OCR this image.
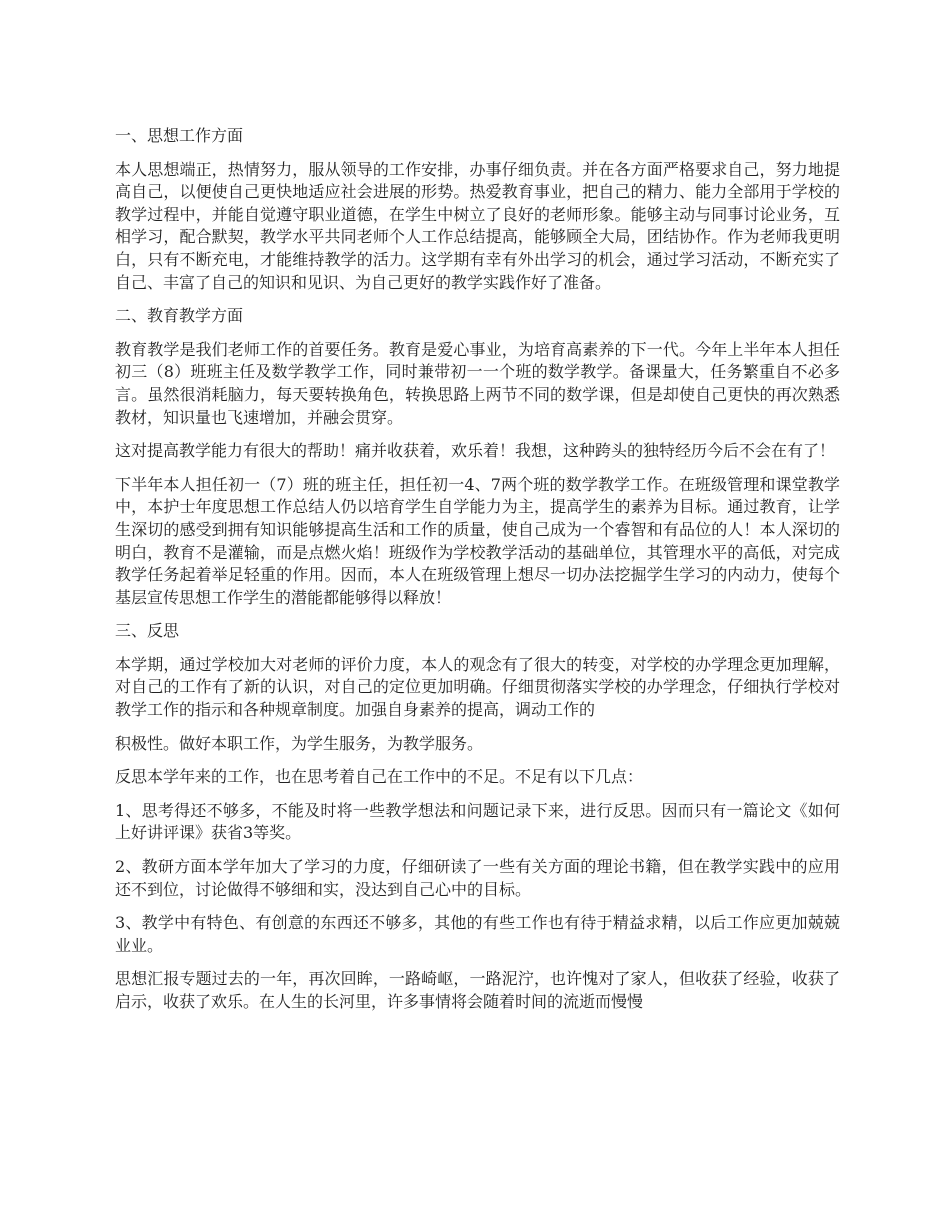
一、思想工作方面

本人思想端正，热情努力，服从领导的工作安排，办事仔细负责。并在各方面严格要求自己，努力地提高自己，以便使自己更快地适应社会进展的形势。热爱教育事业，把自己的精力、能力全部用于学校的教学过程中，并能自觉遵守职业道德，在学生中树立了良好的老师形象。能够主动与同事讨论业务，互相学习，配合默契，教学水平共同老师个人工作总结提高，能够顾全大局，团结协作。作为老师我更明白，只有不断充电，才能维持教学的活力。这学期有幸有外出学习的机会，通过学习活动，不断充实了自己、丰富了自己的知识和见识、为自己更好的教学实践作好了准备。

二、教育教学方面

教育教学是我们老师工作的首要任务。教育是爱心事业，为培育高素养的下一代。今年上半年本人担任初三（8）班班主任及数学教学工作，同时兼带初一一个班的数学教学。备课量大，任务繁重自不必多言。虽然很消耗脑力，每天要转换角色，转换思路上两节不同的数学课，但是却使自己更快的再次熟悉教材，知识量也飞速增加，并融会贯穿。

这对提高教学能力有很大的帮助！痛并收获着，欢乐着！我想，这种跨头的独特经历今后不会在有了！

下半年本人担任初一（7）班的班主任，担任初一4、7两个班的数学教学工作。在班级管理和课堂教学中，本护士年度思想工作总结人仍以培育学生自学能力为主，提高学生的素养为目标。通过教育，让学生深切的感受到拥有知识能够提高生活和工作的质量，使自己成为一个睿智和有品位的人！本人深切的明白，教育不是灌输，而是点燃火焰！班级作为学校教学活动的基础单位，其管理水平的高低，对完成教学任务起着举足轻重的作用。因而，本人在班级管理上想尽一切办法挖掘学生学习的内动力，使每个基层宣传思想工作学生的潜能都能够得以释放！

三、反思

本学期，通过学校加大对老师的评价力度，本人的观念有了很大的转变，对学校的办学理念更加理解，对自己的工作有了新的认识，对自己的定位更加明确。仔细贯彻落实学校的办学理念，仔细执行学校对教学工作的指示和各种规章制度。加强自身素养的提高，调动工作的

积极性。做好本职工作，为学生服务，为教学服务。

反思本学年来的工作，也在思考着自己在工作中的不足。不足有以下几点：

1、思考得还不够多，不能及时将一些教学想法和问题记录下来，进行反思。因而只有一篇论文《如何上好讲评课》获省3等奖。

2、教研方面本学年加大了学习的力度，仔细研读了一些有关方面的理论书籍，但在教学实践中的应用还不到位，讨论做得不够细和实，没达到自己心中的目标。

3、教学中有特色、有创意的东西还不够多，其他的有些工作也有待于精益求精，以后工作应更加兢兢业业。

思想汇报专题过去的一年，再次回眸，一路崎岖，一路泥泞，也许愧对了家人，但收获了经验，收获了启示，收获了欢乐。在人生的长河里，许多事情将会随着时间的流逝而慢慢
